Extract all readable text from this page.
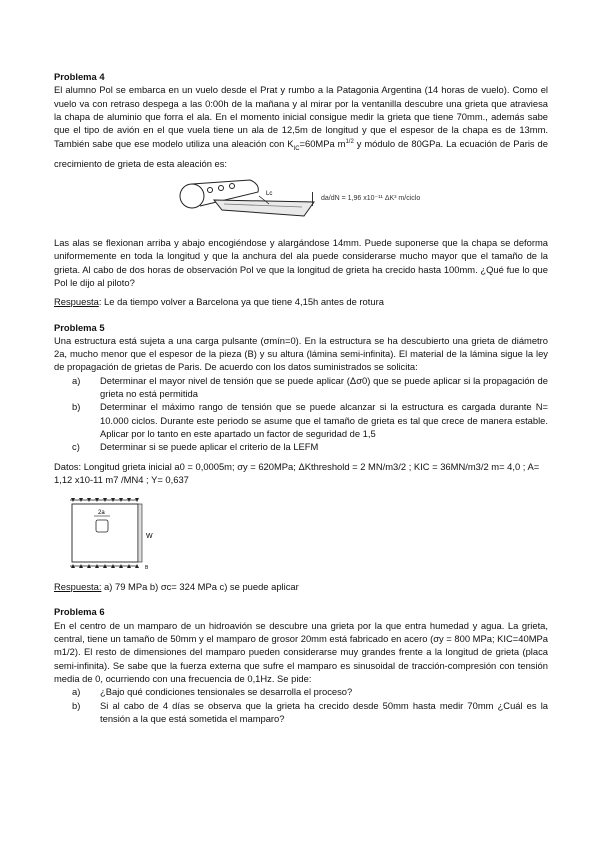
Problema 4

El alumno Pol se embarca en un vuelo desde el Prat y rumbo a la Patagonia Argentina (14 horas de vuelo). Como el vuelo va con retraso despega a las 0:00h de la mañana y al mirar por la ventanilla descubre una grieta que atraviesa la chapa de aluminio que forra el ala. En el momento inicial consigue medir la grieta que tiene 70mm., además sabe que el tipo de avión en el que vuela tiene un ala de 12,5m de longitud y que el espesor de la chapa es de 13mm. También sabe que ese modelo utiliza una aleación con $K_{IC}=60MPa$ $m^{1/2}$ y módulo de 80GPa. La ecuación de Paris de crecimiento de grieta de esta aleación es:

Lc
da/dN = 1,96 x10⁻¹¹ ΔK³ m/ciclo

Las alas se flexionan arriba y abajo encogiéndose y alargándose 14mm. Puede suponerse que la chapa se deforma uniformemente en toda la longitud y que la anchura del ala puede considerarse mucho mayor que el tamaño de la grieta. Al cabo de dos horas de observación Pol ve que la longitud de grieta ha crecido hasta 100mm. ¿Qué fue lo que Pol le dijo al piloto?

Respuesta: Le da tiempo volver a Barcelona ya que tiene 4,15h antes de rotura

Problema 5

Una estructura está sujeta a una carga pulsante (σmín=0). En la estructura se ha descubierto una grieta de diámetro 2a, mucho menor que el espesor de la pieza (B) y su altura (lámina semi-infinita). El material de la lámina sigue la ley de propagación de grietas de Paris. De acuerdo con los datos suministrados se solicita:

a)	Determinar el mayor nivel de tensión que se puede aplicar (Δσ0) que se puede aplicar si la propagación de grieta no está permitida
b)	Determinar el máximo rango de tensión que se puede alcanzar si la estructura es cargada durante N= 10.000 ciclos. Durante este periodo se asume que el tamaño de grieta es tal que crece de manera estable. Aplicar por lo tanto en este apartado un factor de seguridad de 1,5
c)	Determinar si se puede aplicar el criterio de la LEFM

Datos: Longitud grieta inicial a0 = 0,0005m; σy = 620MPa; ΔKthreshold = 2 MN/m3/2 ; KIC = 36MN/m3/2 m= 4,0 ; A=

1,12 x10-11 m7 /MN4 ; Y= 0,637

2a
W
B

Respuesta: a) 79 MPa b) σc= 324 MPa c) se puede aplicar

Problema 6

En el centro de un mamparo de un hidroavión se descubre una grieta por la que entra humedad y agua. La grieta, central, tiene un tamaño de 50mm y el mamparo de grosor 20mm está fabricado en acero (σy = 800 MPa; KIC=40MPa m1/2). El resto de dimensiones del mamparo pueden considerarse muy grandes frente a la longitud de grieta (placa semi-infinita). Se sabe que la fuerza externa que sufre el mamparo es sinusoidal de tracción-compresión con tensión media de 0, ocurriendo con una frecuencia de 0,1Hz. Se pide:

a)	¿Bajo qué condiciones tensionales se desarrolla el proceso?
b)	Si al cabo de 4 días se observa que la grieta ha crecido desde 50mm hasta medir 70mm ¿Cuál es la tensión a la que está sometida el mamparo?
